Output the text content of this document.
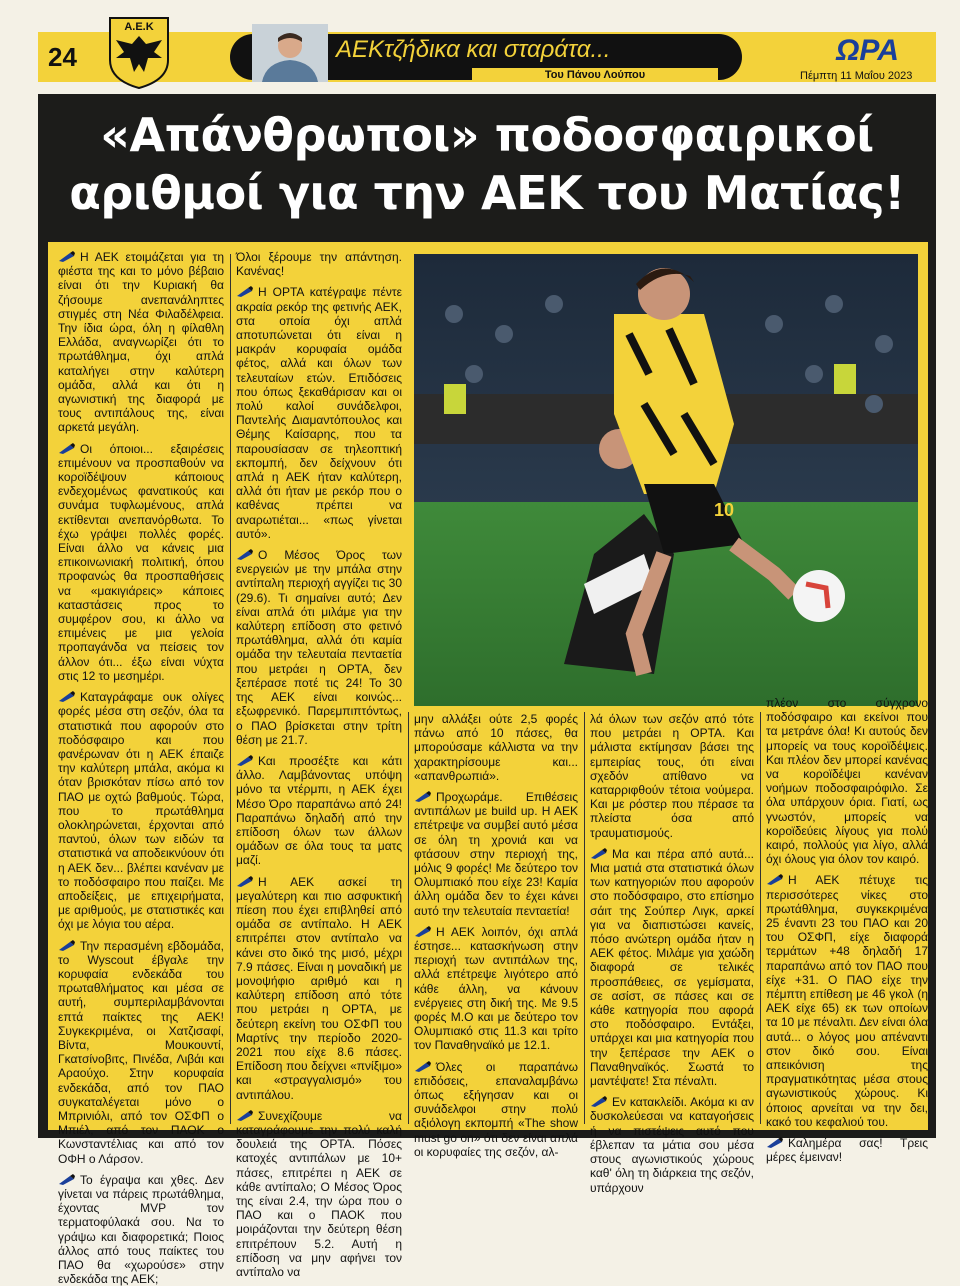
24
Α.Ε.Κ
ΑΕΚτζήδικα και σταράτα...
Του Πάνου Λούπου
ΩΡΑ
Πέμπτη 11 Μαΐου 2023
«Απάνθρωποι» ποδοσφαιρικοί
αριθμοί για την ΑΕΚ του Ματίας!
10

Η ΑΕΚ ετοιμάζεται για τη φιέστα της και το μόνο βέβαιο είναι ότι την Κυριακή θα ζήσουμε ανεπανάληπτες στιγμές στη Νέα Φιλαδέλφεια. Την ίδια ώρα, όλη η φίλαθλη Ελλάδα, αναγνωρίζει ότι το πρωτάθλημα, όχι απλά καταλήγει στην καλύτερη ομάδα, αλλά και ότι η αγωνιστική της διαφορά με τους αντιπάλους της, είναι αρκετά μεγάλη.

Οι όποιοι... εξαιρέσεις επιμένουν να προσπαθούν να κοροϊδέψουν κάποιους ενδεχομένως φανατικούς και συνάμα τυφλωμένους, απλά εκτίθενται ανεπανόρθωτα. Το έχω γράψει πολλές φορές. Είναι άλλο να κάνεις μια επικοινωνιακή πολιτική, όπου προφανώς θα προσπαθήσεις να «μακιγιάρεις» κάποιες καταστάσεις προς το συμφέρον σου, κι άλλο να επιμένεις με μια γελοία προπαγάνδα να πείσεις τον άλλον ότι... έξω είναι νύχτα στις 12 το μεσημέρι.

Καταγράφαμε ουκ ολίγες φορές μέσα στη σεζόν, όλα τα στατιστικά που αφορούν στο ποδόσφαιρο και που φανέρωναν ότι η ΑΕΚ έπαιζε την καλύτερη μπάλα, ακόμα κι όταν βρισκόταν πίσω από τον ΠΑΟ με οχτώ βαθμούς. Τώρα, που το πρωτάθλημα ολοκληρώνεται, έρχονται από παντού, όλων των ειδών τα στατιστικά να αποδεικνύουν ότι η ΑΕΚ δεν... βλέπει κανέναν με το ποδόσφαιρο που παίζει. Με αποδείξεις, με επιχειρήματα, με αριθμούς, με στατιστικές και όχι με λόγια του αέρα.

Την περασμένη εβδομάδα, το Wyscout έβγαλε την κορυφαία ενδεκάδα του πρωταθλήματος και μέσα σε αυτή, συμπεριλαμβάνονται επτά παίκτες της ΑΕΚ! Συγκεκριμένα, οι Χατζισαφί, Βίντα, Μουκουντί, Γκατσίνοβιτς, Πινέδα, Λιβάι και Αραούχο. Στην κορυφαία ενδεκάδα, από τον ΠΑΟ συγκαταλέγεται μόνο ο Μπρινιόλι, από τον ΟΣΦΠ ο Μπιέλ, από τον ΠΑΟΚ ο Κωνσταντέλιας και από τον ΟΦΗ ο Λάρσον.

Το έγραψα και χθες. Δεν γίνεται να πάρεις πρωτάθλημα, έχοντας MVP τον τερματοφύλακά σου. Να το γράψω και διαφορετικά; Ποιος άλλος από τους παίκτες του ΠΑΟ θα «χωρούσε» στην ενδεκάδα της ΑΕΚ;

Όλοι ξέρουμε την απάντηση. Κανένας!

Η ΟΡΤΑ κατέγραψε πέντε ακραία ρεκόρ της φετινής ΑΕΚ, στα οποία όχι απλά αποτυπώνεται ότι είναι η μακράν κορυφαία ομάδα φέτος, αλλά και όλων των τελευταίων ετών. Επιδόσεις που όπως ξεκαθάρισαν και οι πολύ καλοί συνάδελφοι, Παντελής Διαμαντόπουλος και Θέμης Καίσαρης, που τα παρουσίασαν σε τηλεοπτική εκπομπή, δεν δείχνουν ότι απλά η ΑΕΚ ήταν καλύτερη, αλλά ότι ήταν με ρεκόρ που ο καθένας πρέπει να αναρωτιέται... «πως γίνεται αυτό».

Ο Μέσος Όρος των ενεργειών με την μπάλα στην αντίπαλη περιοχή αγγίζει τις 30 (29.6). Τι σημαίνει αυτό; Δεν είναι απλά ότι μιλάμε για την καλύτερη επίδοση στο φετινό πρωτάθλημα, αλλά ότι καμία ομάδα την τελευταία πενταετία που μετράει η ΟΡΤΑ, δεν ξεπέρασε ποτέ τις 24! Το 30 της ΑΕΚ είναι κοινώς... εξωφρενικό. Παρεμπιπτόντως, ο ΠΑΟ βρίσκεται στην τρίτη θέση με 21.7.

Και προσέξτε και κάτι άλλο. Λαμβάνοντας υπόψη μόνο τα ντέρμπι, η ΑΕΚ έχει Μέσο Όρο παραπάνω από 24! Παραπάνω δηλαδή από την επίδοση όλων των άλλων ομάδων σε όλα τους τα ματς μαζί.

Η ΑΕΚ ασκεί τη μεγαλύτερη και πιο ασφυκτική πίεση που έχει επιβληθεί από ομάδα σε αντίπαλο. Η ΑΕΚ επιτρέπει στον αντίπαλο να κάνει στο δικό της μισό, μέχρι 7.9 πάσες. Είναι η μοναδική με μονοψήφιο αριθμό και η καλύτερη επίδοση από τότε που μετράει η ΟΡΤΑ, με δεύτερη εκείνη του ΟΣΦΠ του Μαρτίνς την περίοδο 2020-2021 που είχε 8.6 πάσες. Επίδοση που δείχνει «πνίξιμο» και «στραγγαλισμό» του αντιπάλου.

Συνεχίζουμε να καταγράφουμε την πολύ καλή δουλειά της ΟΡΤΑ. Πόσες κατοχές αντιπάλων με 10+ πάσες, επιτρέπει η ΑΕΚ σε κάθε αντίπαλο; Ο Μέσος Όρος της είναι 2.4, την ώρα που ο ΠΑΟ και ο ΠΑΟΚ που μοιράζονται την δεύτερη θέση επιτρέπουν 5.2. Αυτή η επίδοση να μην αφήνει τον αντίπαλο να

μην αλλάξει ούτε 2,5 φορές πάνω από 10 πάσες, θα μπορούσαμε κάλλιστα να την χαρακτηρίσουμε και... «απανθρωπιά».

Προχωράμε. Επιθέσεις αντιπάλων με build up. Η ΑΕΚ επέτρεψε να συμβεί αυτό μέσα σε όλη τη χρονιά και να φτάσουν στην περιοχή της, μόλις 9 φορές! Με δεύτερο τον Ολυμπιακό που είχε 23! Καμία άλλη ομάδα δεν το έχει κάνει αυτό την τελευταία πενταετία!

Η ΑΕΚ λοιπόν, όχι απλά έστησε... κατασκήνωση στην περιοχή των αντιπάλων της, αλλά επέτρεψε λιγότερο από κάθε άλλη, να κάνουν ενέργειες στη δική της. Με 9.5 φορές Μ.Ο και με δεύτερο τον Ολυμπιακό στις 11.3 και τρίτο τον Παναθηναϊκό με 12.1.

Όλες οι παραπάνω επιδόσεις, επαναλαμβάνω όπως εξήγησαν και οι συνάδελφοι στην πολύ αξιόλογη εκπομπή «The show must go on» ότι δεν είναι απλά οι κορυφαίες της σεζόν, αλ-

λά όλων των σεζόν από τότε που μετράει η ΟΡΤΑ. Και μάλιστα εκτίμησαν βάσει της εμπειρίας τους, ότι είναι σχεδόν απίθανο να καταρριφθούν τέτοια νούμερα. Και με ρόστερ που πέρασε τα πλείστα όσα από τραυματισμούς.

Μα και πέρα από αυτά... Μια ματιά στα στατιστικά όλων των κατηγοριών που αφορούν στο ποδόσφαιρο, στο επίσημο σάιτ της Σούπερ Λιγκ, αρκεί για να διαπιστώσει κανείς, πόσο ανώτερη ομάδα ήταν η ΑΕΚ φέτος. Μιλάμε για χαώδη διαφορά σε τελικές προσπάθειες, σε γεμίσματα, σε ασίστ, σε πάσες και σε κάθε κατηγορία που αφορά στο ποδόσφαιρο. Εντάξει, υπάρχει και μια κατηγορία που την ξεπέρασε την ΑΕΚ ο Παναθηναϊκός. Σωστά το μαντέψατε! Στα πέναλτι.

Εν κατακλείδι. Ακόμα κι αν δυσκολεύεσαι να καταγοήσεις ή να πιστέψεις αυτό που έβλεπαν τα μάτια σου μέσα στους αγωνιστικούς χώρους καθ' όλη τη διάρκεια της σεζόν, υπάρχουν

πλέον στο σύγχρονο ποδόσφαιρο και εκείνοι που τα μετράνε όλα! Κι αυτούς δεν μπορείς να τους κοροϊδέψεις. Και πλέον δεν μπορεί κανένας να κοροϊδέψει κανέναν νοήμων ποδοσφαιρόφιλο. Σε όλα υπάρχουν όρια. Γιατί, ως γνωστόν, μπορείς να κοροϊδεύεις λίγους για πολύ καιρό, πολλούς για λίγο, αλλά όχι όλους για όλον τον καιρό.

Η ΑΕΚ πέτυχε τις περισσότερες νίκες στο πρωτάθλημα, συγκεκριμένα 25 έναντι 23 του ΠΑΟ και 20 του ΟΣΦΠ, είχε διαφορά τερμάτων +48 δηλαδή 17 παραπάνω από τον ΠΑΟ που είχε +31. Ο ΠΑΟ είχε την πέμπτη επίθεση με 46 γκολ (η ΑΕΚ είχε 65) εκ των οποίων τα 10 με πέναλτι. Δεν είναι όλα αυτά... ο λόγος μου απέναντι στον δικό σου. Είναι απεικόνιση της πραγματικότητας μέσα στους αγωνιστικούς χώρους. Κι όποιος αρνείται να την δει, κακό του κεφαλιού του.

Καλημέρα σας! Τρεις μέρες έμειναν!
